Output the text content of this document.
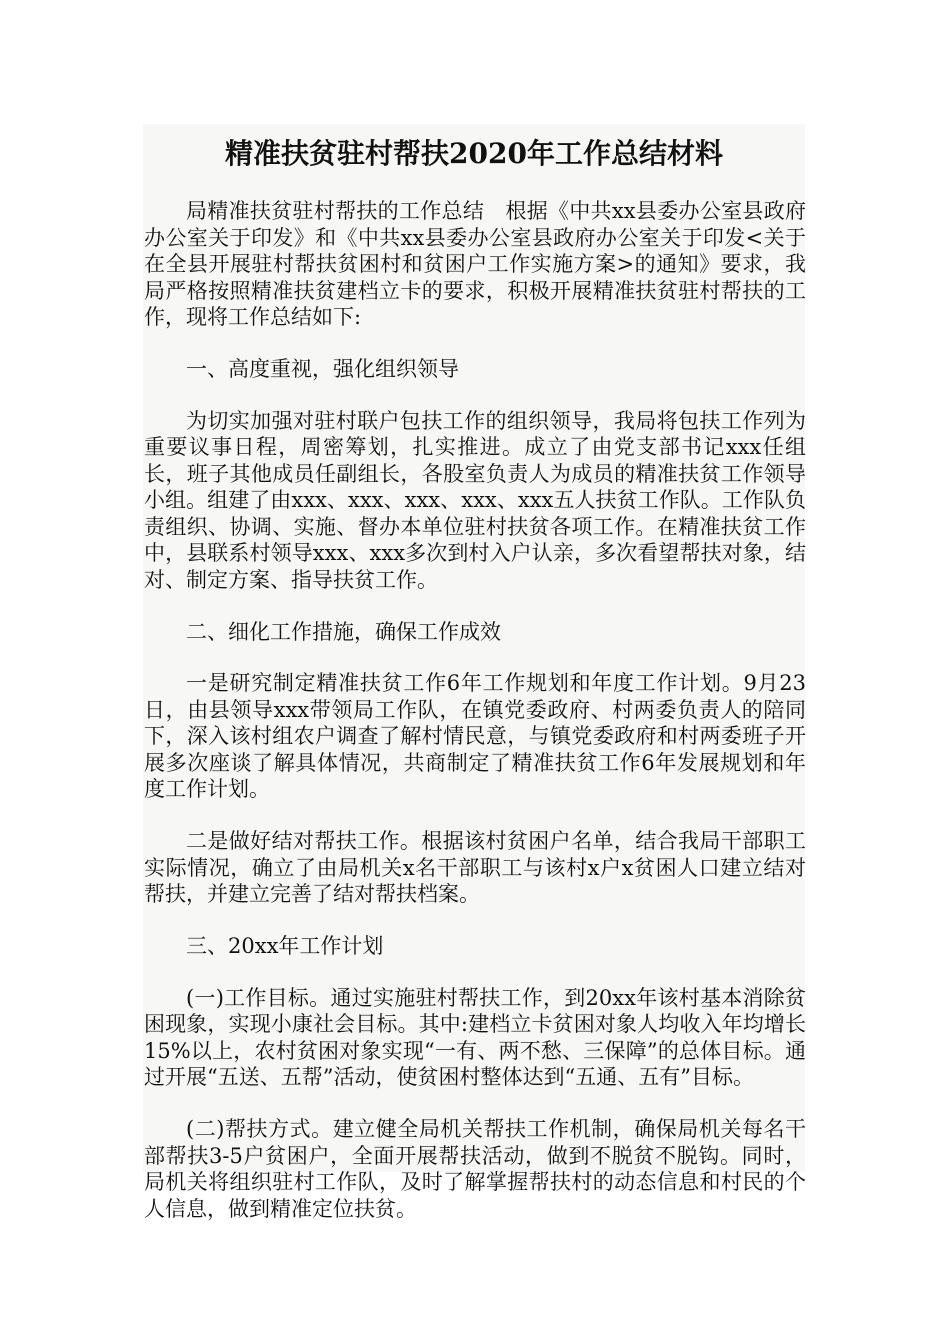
精准扶贫驻村帮扶2020年工作总结材料

局精准扶贫驻村帮扶的工作总结　根据《中共xx县委办公室县政府办公室关于印发》和《中共xx县委办公室县政府办公室关于印发<关于在全县开展驻村帮扶贫困村和贫困户工作实施方案>的通知》要求，我局严格按照精准扶贫建档立卡的要求，积极开展精准扶贫驻村帮扶的工作，现将工作总结如下:

一、高度重视，强化组织领导

为切实加强对驻村联户包扶工作的组织领导，我局将包扶工作列为重要议事日程，周密筹划，扎实推进。成立了由党支部书记xxx任组长，班子其他成员任副组长，各股室负责人为成员的精准扶贫工作领导小组。组建了由xxx、xxx、xxx、xxx、xxx五人扶贫工作队。工作队负责组织、协调、实施、督办本单位驻村扶贫各项工作。在精准扶贫工作中，县联系村领导xxx、xxx多次到村入户认亲，多次看望帮扶对象，结对、制定方案、指导扶贫工作。

二、细化工作措施，确保工作成效

一是研究制定精准扶贫工作6年工作规划和年度工作计划。9月23日，由县领导xxx带领局工作队，在镇党委政府、村两委负责人的陪同下，深入该村组农户调查了解村情民意，与镇党委政府和村两委班子开展多次座谈了解具体情况，共商制定了精准扶贫工作6年发展规划和年度工作计划。

二是做好结对帮扶工作。根据该村贫困户名单，结合我局干部职工实际情况，确立了由局机关x名干部职工与该村x户x贫困人口建立结对帮扶，并建立完善了结对帮扶档案。

三、20xx年工作计划

(一)工作目标。通过实施驻村帮扶工作，到20xx年该村基本消除贫困现象，实现小康社会目标。其中:建档立卡贫困对象人均收入年均增长15%以上，农村贫困对象实现“一有、两不愁、三保障”的总体目标。通过开展“五送、五帮”活动，使贫困村整体达到“五通、五有”目标。

(二)帮扶方式。建立健全局机关帮扶工作机制，确保局机关每名干部帮扶3-5户贫困户，全面开展帮扶活动，做到不脱贫不脱钩。同时，局机关将组织驻村工作队，及时了解掌握帮扶村的动态信息和村民的个人信息，做到精准定位扶贫。
